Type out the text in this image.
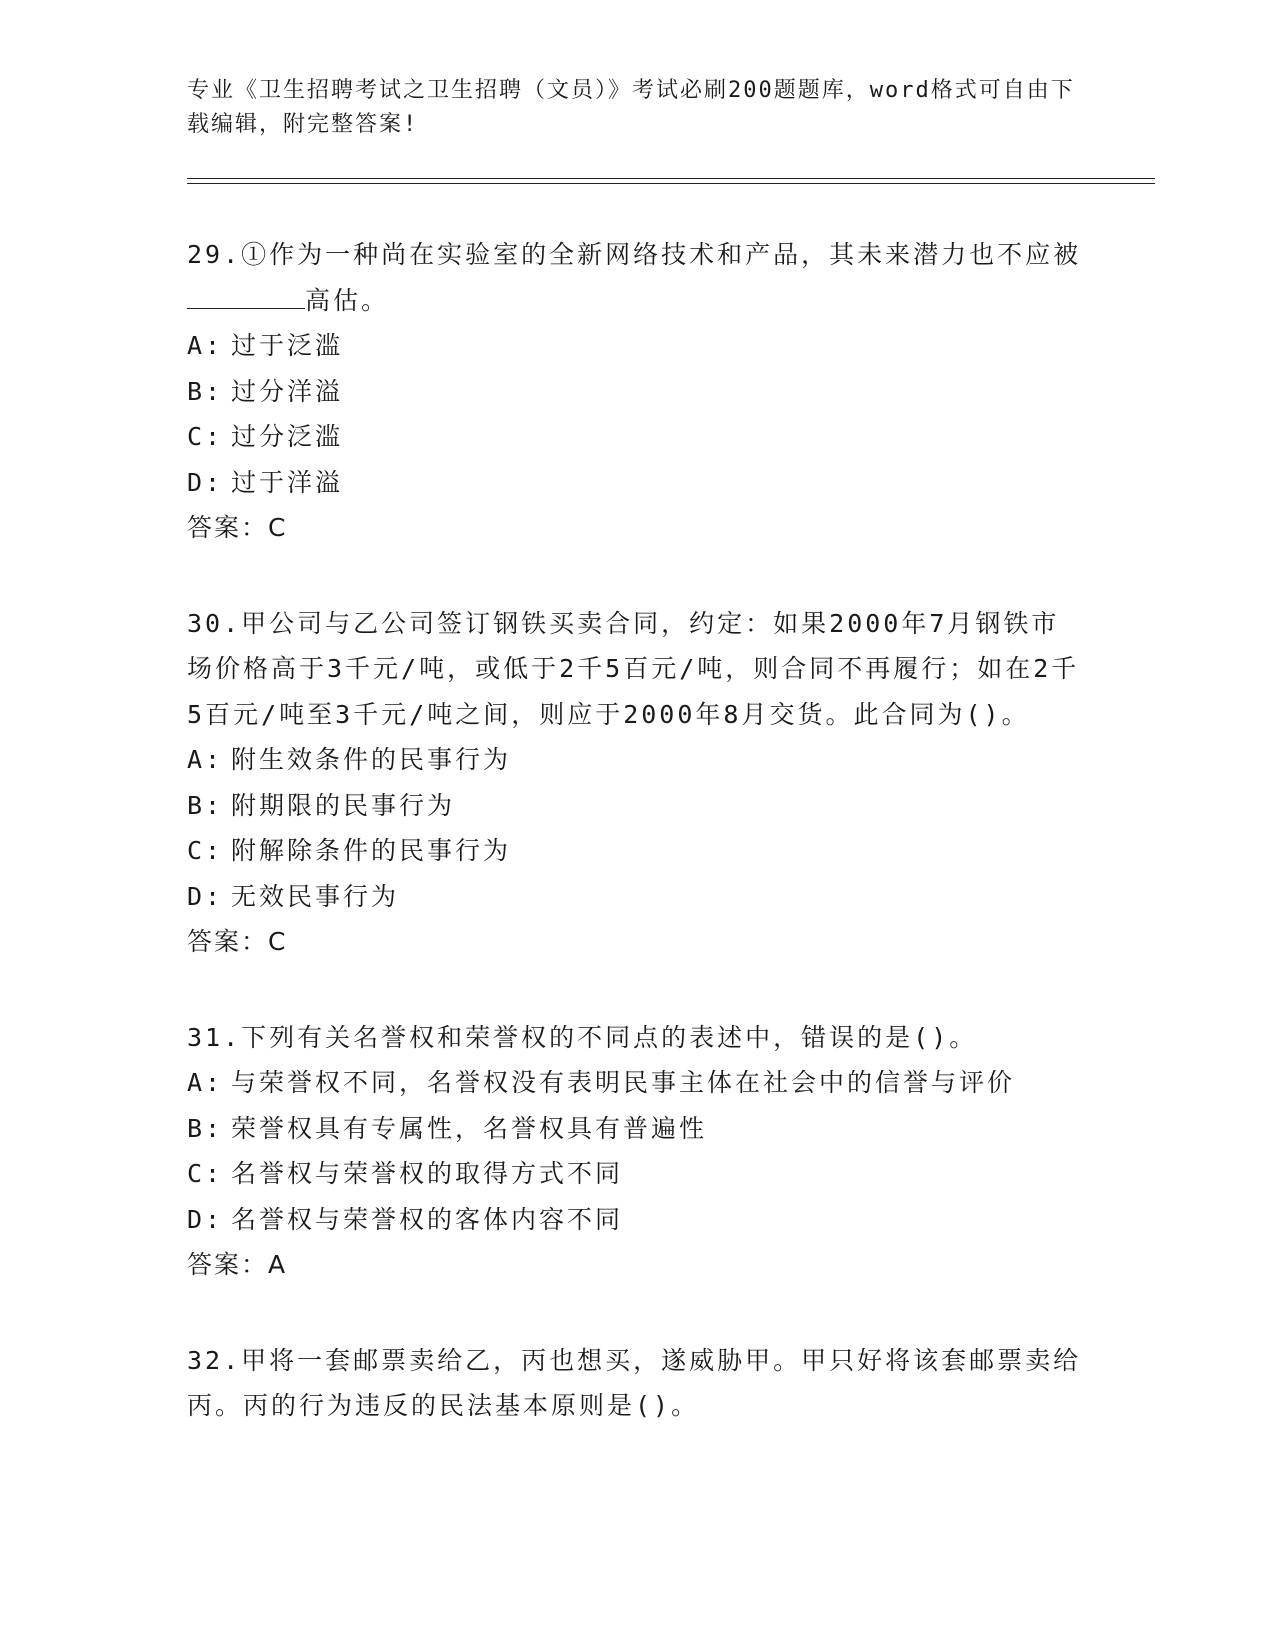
专业《卫生招聘考试之卫生招聘（文员）》考试必刷200题题库，word格式可自由下载编辑，附完整答案!
29.①作为一种尚在实验室的全新网络技术和产品，其未来潜力也不应被高估。
A: 过于泛滥
B: 过分洋溢
C: 过分泛滥
D: 过于洋溢
答案：C
30.甲公司与乙公司签订钢铁买卖合同，约定：如果2000年7月钢铁市场价格高于3千元/吨，或低于2千5百元/吨，则合同不再履行；如在2千5百元/吨至3千元/吨之间，则应于2000年8月交货。此合同为()。
A: 附生效条件的民事行为
B: 附期限的民事行为
C: 附解除条件的民事行为
D: 无效民事行为
答案：C
31.下列有关名誉权和荣誉权的不同点的表述中，错误的是()。
A: 与荣誉权不同，名誉权没有表明民事主体在社会中的信誉与评价
B: 荣誉权具有专属性，名誉权具有普遍性
C: 名誉权与荣誉权的取得方式不同
D: 名誉权与荣誉权的客体内容不同
答案：A
32.甲将一套邮票卖给乙，丙也想买，遂威胁甲。甲只好将该套邮票卖给丙。丙的行为违反的民法基本原则是()。
